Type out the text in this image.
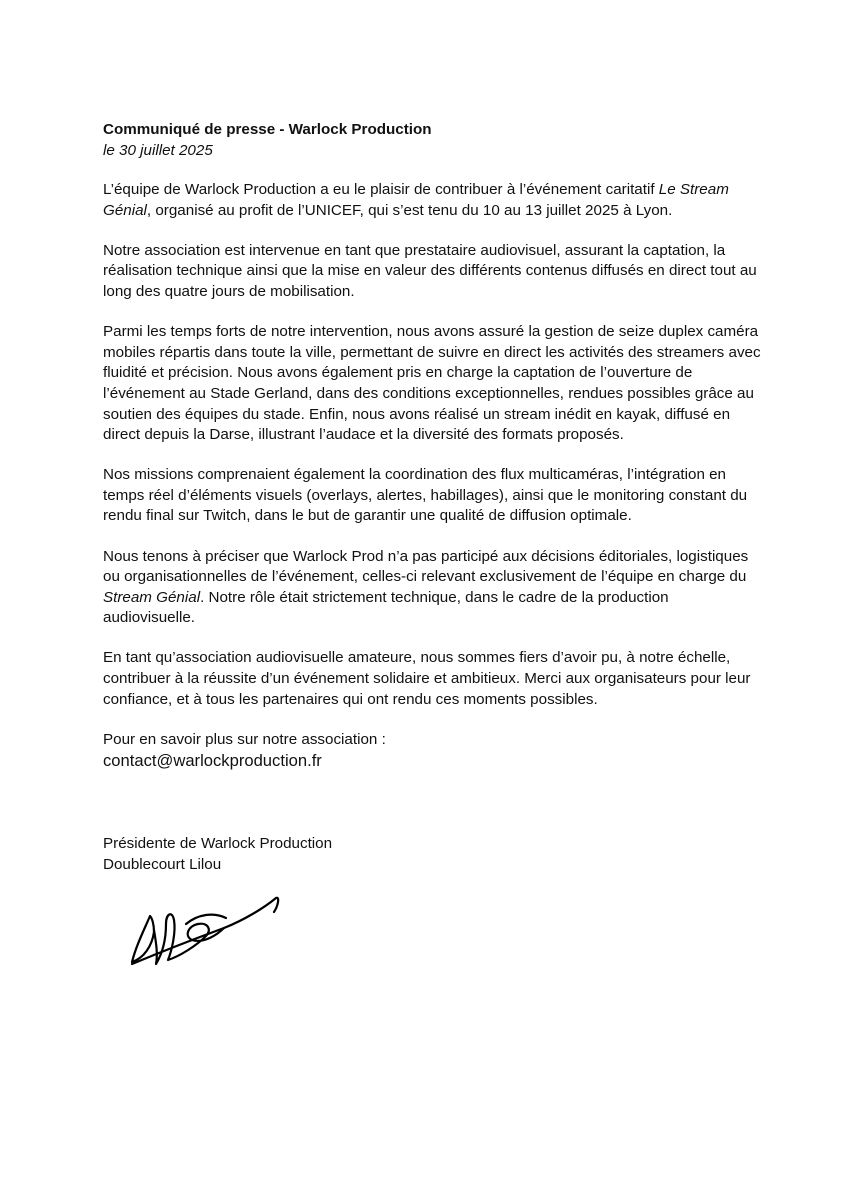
Communiqué de presse - Warlock Production

le 30 juillet 2025

L’équipe de Warlock Production a eu le plaisir de contribuer à l’événement caritatif Le Stream Génial, organisé au profit de l’UNICEF, qui s’est tenu du 10 au 13 juillet 2025 à Lyon.

Notre association est intervenue en tant que prestataire audiovisuel, assurant la captation, la réalisation technique ainsi que la mise en valeur des différents contenus diffusés en direct tout au long des quatre jours de mobilisation.

Parmi les temps forts de notre intervention, nous avons assuré la gestion de seize duplex caméra mobiles répartis dans toute la ville, permettant de suivre en direct les activités des streamers avec fluidité et précision. Nous avons également pris en charge la captation de l’ouverture de l’événement au Stade Gerland, dans des conditions exceptionnelles, rendues possibles grâce au soutien des équipes du stade. Enfin, nous avons réalisé un stream inédit en kayak, diffusé en direct depuis la Darse, illustrant l’audace et la diversité des formats proposés.

Nos missions comprenaient également la coordination des flux multicaméras, l’intégration en temps réel d’éléments visuels (overlays, alertes, habillages), ainsi que le monitoring constant du rendu final sur Twitch, dans le but de garantir une qualité de diffusion optimale.

Nous tenons à préciser que Warlock Prod n’a pas participé aux décisions éditoriales, logistiques ou organisationnelles de l’événement, celles-ci relevant exclusivement de l’équipe en charge du Stream Génial. Notre rôle était strictement technique, dans le cadre de la production audiovisuelle.

En tant qu’association audiovisuelle amateure, nous sommes fiers d’avoir pu, à notre échelle, contribuer à la réussite d’un événement solidaire et ambitieux. Merci aux organisateurs pour leur confiance, et à tous les partenaires qui ont rendu ces moments possibles.

Pour en savoir plus sur notre association :

contact@warlockproduction.fr

Présidente de Warlock Production

Doublecourt Lilou
